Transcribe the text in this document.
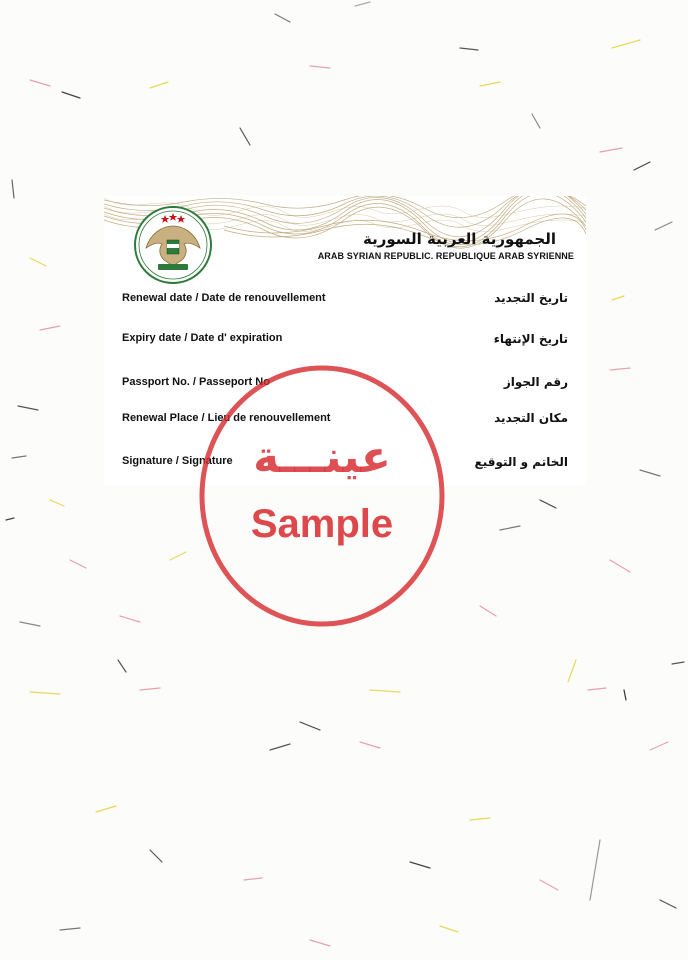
الجمهورية العربية السورية
ARAB SYRIAN REPUBLIC. REPUBLIQUE ARAB SYRIENNE
Renewal date / Date de renouvellement	تاريخ التجديد
Expiry date / Date d' expiration	تاريخ الإنتهاء
Passport No. / Passeport No	رقم الجواز
Renewal Place / Lieu de renouvellement	مكان التجديد
Signature / Signature	الخاتم و التوقيع
عينـــة
Sample
